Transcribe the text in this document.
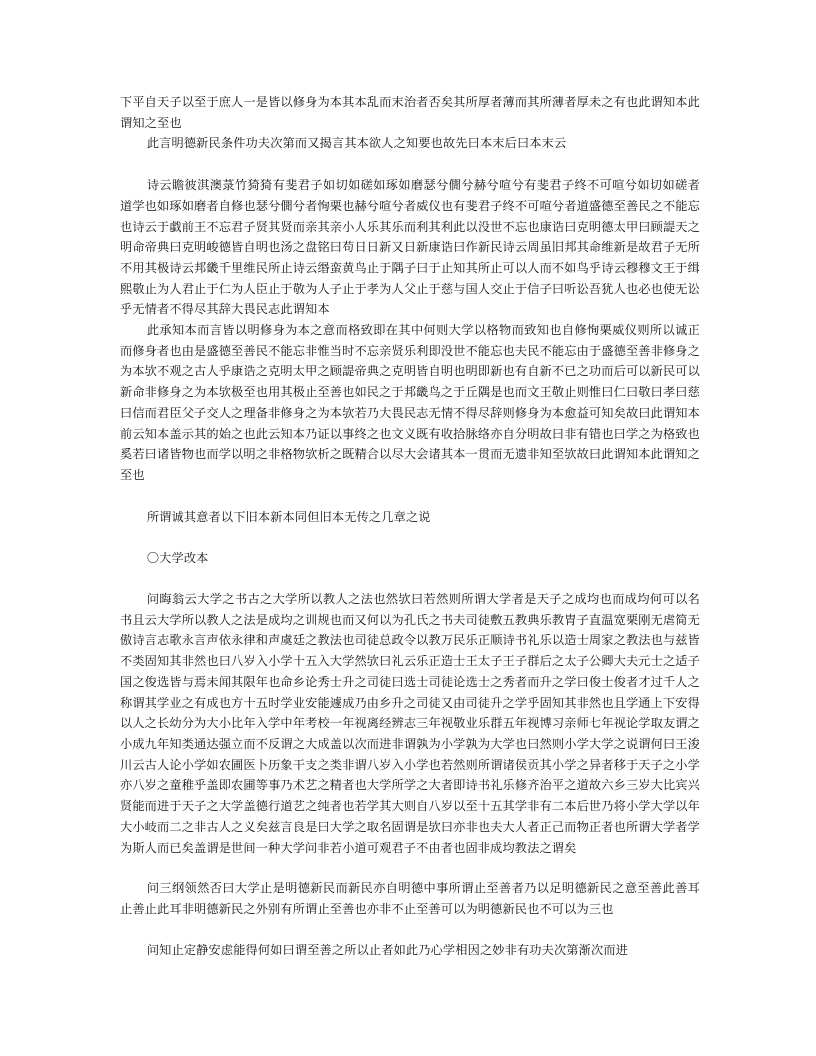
下平自天子以至于庶人一是皆以修身为本其本乱而末治者否矣其所厚者薄而其所薄者厚未之有也此谓知本此谓知之至也

此言明德新民条件功夫次第而又揭言其本欲人之知要也故先曰本末后曰本末云

诗云瞻彼淇澳菉竹猗猗有斐君子如切如磋如琢如磨瑟兮僩兮赫兮喧兮有斐君子终不可喧兮如切如磋者道学也如琢如磨者自修也瑟兮僩兮者恂栗也赫兮喧兮者威仪也有斐君子终不可喧兮者道盛德至善民之不能忘也诗云于戱前王不忘君子贤其贤而亲其亲小人乐其乐而利其利此以没世不忘也康诰曰克明德太甲曰顾諟天之明命帝典曰克明峻德皆自明也汤之盘铭曰苟日日新又日新康诰曰作新民诗云周虽旧邦其命维新是故君子无所不用其极诗云邦畿千里维民所止诗云缗蛮黄鸟止于隅子曰于止知其所止可以人而不如鸟乎诗云穆穆文王于缉熙敬止为人君止于仁为人臣止于敬为人子止于孝为人父止于慈与国人交止于信子曰听讼吾犹人也必也使无讼乎无情者不得尽其辞大畏民志此谓知本

此承知本而言皆以明修身为本之意而格致即在其中何则大学以格物而致知也自修恂栗威仪则所以诚正而修身者也由是盛德至善民不能忘非惟当时不忘亲贤乐利即没世不能忘也夫民不能忘由于盛德至善非修身之为本欤不观之古人乎康诰之克明太甲之顾諟帝典之克明皆自明也明即新也有自新不已之功而后可以新民可以新命非修身之为本欤极至也用其极止至善也如民之于邦畿鸟之于丘隅是也而文王敬止则惟曰仁曰敬曰孝曰慈曰信而君臣父子交人之理备非修身之为本欤若乃大畏民志无情不得尽辞则修身为本愈益可知矣故曰此谓知本前云知本盖示其的始之也此云知本乃证以事终之也文义既有收拾脉络亦自分明故曰非有错也曰学之为格致也奚若曰诸皆物也而学以明之非格物欤析之既精合以尽大会诸其本一贯而无遗非知至欤故曰此谓知本此谓知之至也

所谓诚其意者以下旧本新本同但旧本无传之几章之说

〇大学改本

问晦翁云大学之书古之大学所以教人之法也然欤曰若然则所谓大学者是天子之成均也而成均何可以名书且云大学所以教人之法是成均之训规也而又何以为孔氏之书夫司徒敷五教典乐教胄子直温宽栗刚无虐简无傲诗言志歌永言声依永律和声虞廷之教法也司徒总政令以教万民乐正顺诗书礼乐以造士周家之教法也与兹皆不类固知其非然也曰八岁入小学十五入大学然欤曰礼云乐正造士王太子王子群后之太子公卿大夫元士之适子国之俊选皆与焉未闻其限年也命乡论秀士升之司徒曰选士司徒论选士之秀者而升之学曰俊士俊者才过千人之称谓其学业之有成也方十五时学业安能遽成乃由乡升之司徒又由司徒升之学乎固知其非然也且学通上下安得以人之长幼分为大小比年入学中年考校一年视离经辨志三年视敬业乐群五年视博习亲师七年视论学取友谓之小成九年知类通达强立而不反谓之大成盖以次而进非谓孰为小学孰为大学也曰然则小学大学之说谓何曰王浚川云古人论小学如农圃医卜历象干支之类非谓八岁入小学也若然则所谓诸侯贡其小学之异者移于天子之小学亦八岁之童稚乎盖即农圃等事乃术艺之精者也大学所学之大者即诗书礼乐修齐治平之道故六乡三岁大比宾兴贤能而进于天子之大学盖德行道艺之纯者也若学其大则自八岁以至十五其学非有二本后世乃将小学大学以年大小岐而二之非古人之义矣兹言良是曰大学之取名固谓是欤曰亦非也夫大人者正己而物正者也所谓大学者学为斯人而已矣盖谓是世间一种大学问非若小道可观君子不由者也固非成均教法之谓矣

问三纲领然否曰大学止是明德新民而新民亦自明德中事所谓止至善者乃以足明德新民之意至善此善耳止善止此耳非明德新民之外别有所谓止至善也亦非不止至善可以为明德新民也不可以为三也

问知止定静安虑能得何如曰谓至善之所以止者如此乃心学相因之妙非有功夫次第渐次而进
